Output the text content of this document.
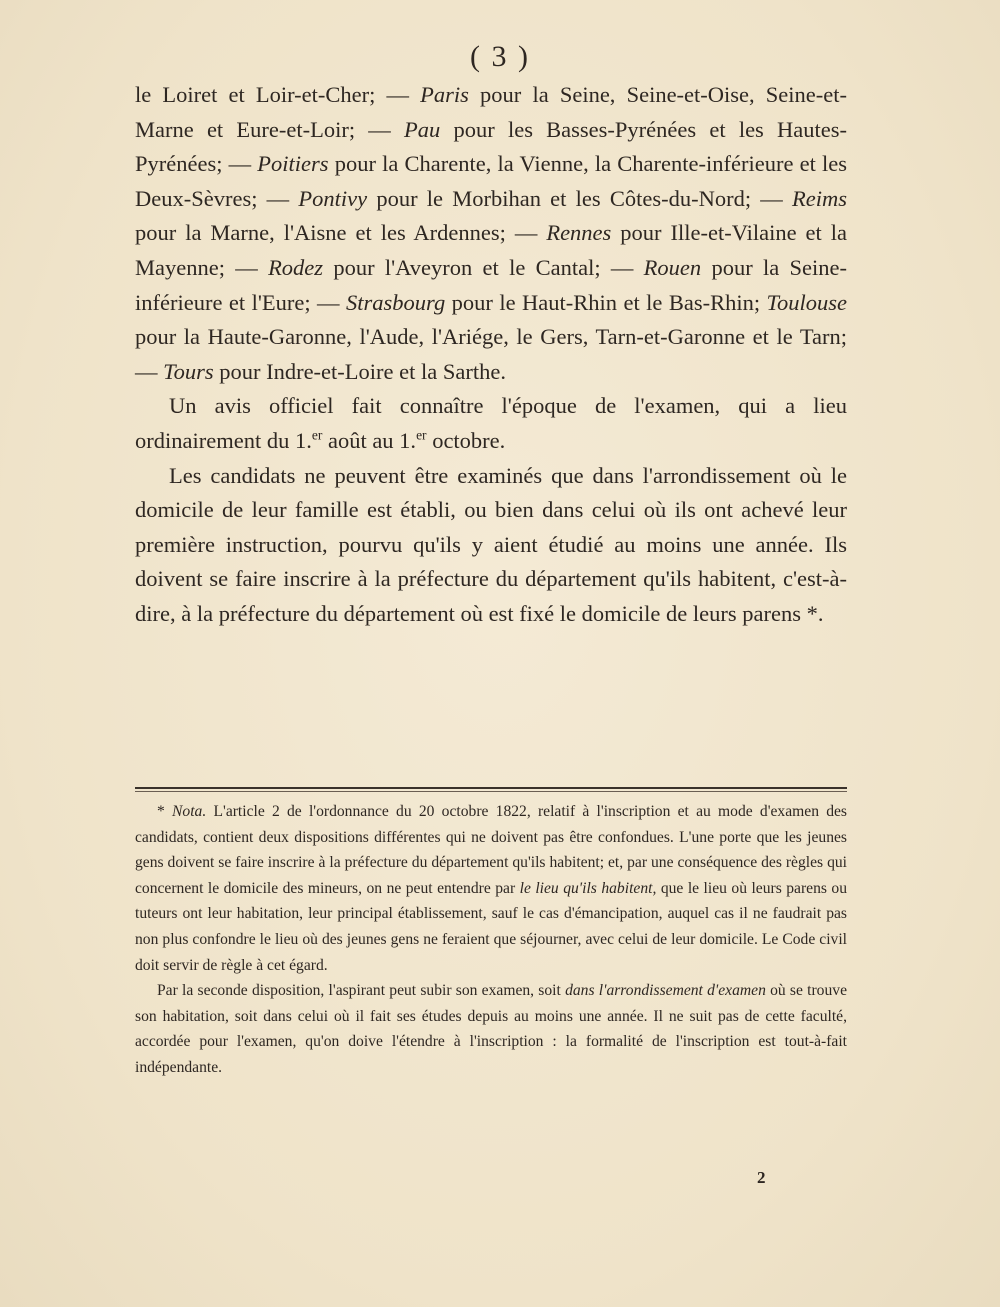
( 3 )

le Loiret et Loir-et-Cher; — Paris pour la Seine, Seine-et-Oise, Seine-et-Marne et Eure-et-Loir; — Pau pour les Basses-Pyrénées et les Hautes-Pyrénées; — Poitiers pour la Charente, la Vienne, la Charente-inférieure et les Deux-Sèvres; — Pontivy pour le Morbihan et les Côtes-du-Nord; — Reims pour la Marne, l'Aisne et les Ardennes; — Rennes pour Ille-et-Vilaine et la Mayenne; — Rodez pour l'Aveyron et le Cantal; — Rouen pour la Seine-inférieure et l'Eure; — Strasbourg pour le Haut-Rhin et le Bas-Rhin; Toulouse pour la Haute-Garonne, l'Aude, l'Ariége, le Gers, Tarn-et-Garonne et le Tarn; — Tours pour Indre-et-Loire et la Sarthe.

Un avis officiel fait connaître l'époque de l'examen, qui a lieu ordinairement du 1.$^{er}$ août au 1.$^{er}$ octobre.

Les candidats ne peuvent être examinés que dans l'arrondissement où le domicile de leur famille est établi, ou bien dans celui où ils ont achevé leur première instruction, pourvu qu'ils y aient étudié au moins une année. Ils doivent se faire inscrire à la préfecture du département qu'ils habitent, c'est-à-dire, à la préfecture du département où est fixé le domicile de leurs parens *.

* Nota. L'article 2 de l'ordonnance du 20 octobre 1822, relatif à l'inscription et au mode d'examen des candidats, contient deux dispositions différentes qui ne doivent pas être confondues. L'une porte que les jeunes gens doivent se faire inscrire à la préfecture du département qu'ils habitent; et, par une conséquence des règles qui concernent le domicile des mineurs, on ne peut entendre par le lieu qu'ils habitent, que le lieu où leurs parens ou tuteurs ont leur habitation, leur principal établissement, sauf le cas d'émancipation, auquel cas il ne faudrait pas non plus confondre le lieu où des jeunes gens ne feraient que séjourner, avec celui de leur domicile. Le Code civil doit servir de règle à cet égard.

Par la seconde disposition, l'aspirant peut subir son examen, soit dans l'arrondissement d'examen où se trouve son habitation, soit dans celui où il fait ses études depuis au moins une année. Il ne suit pas de cette faculté, accordée pour l'examen, qu'on doive l'étendre à l'inscription : la formalité de l'inscription est tout-à-fait indépendante.

2
